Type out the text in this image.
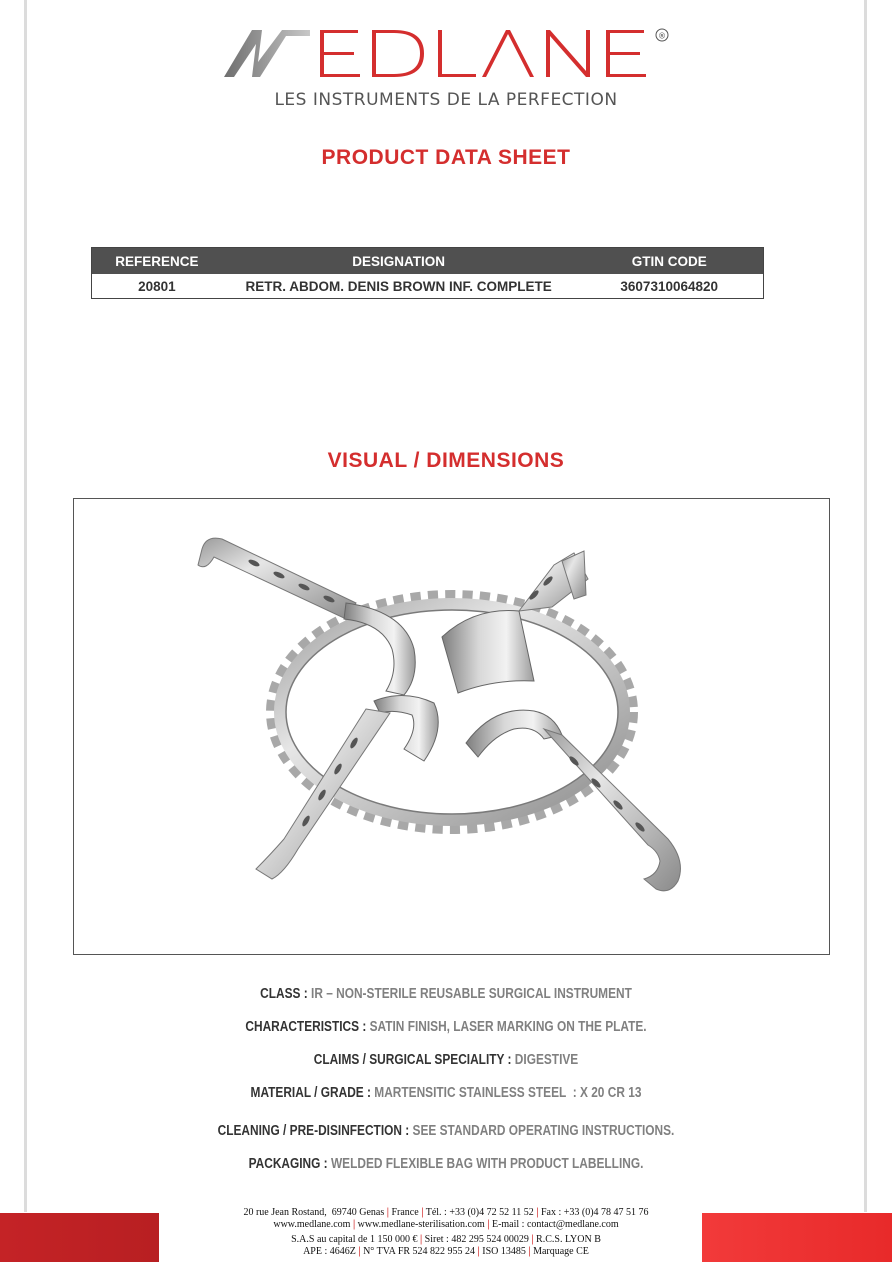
®
LES INSTRUMENTS DE LA PERFECTION
PRODUCT DATA SHEET
REFERENCE	DESIGNATION	GTIN CODE
20801	RETR. ABDOM. DENIS BROWN INF. COMPLETE	3607310064820
VISUAL / DIMENSIONS
CLASS : IR – NON-STERILE REUSABLE SURGICAL INSTRUMENT
CHARACTERISTICS : SATIN FINISH, LASER MARKING ON THE PLATE.
CLAIMS / SURGICAL SPECIALITY : DIGESTIVE
MATERIAL / GRADE : MARTENSITIC STAINLESS STEEL  : X 20 CR 13
CLEANING / PRE-DISINFECTION : SEE STANDARD OPERATING INSTRUCTIONS.
PACKAGING : WELDED FLEXIBLE BAG WITH PRODUCT LABELLING.
20 rue Jean Rostand,  69740 Genas | France | Tél. : +33 (0)4 72 52 11 52 | Fax : +33 (0)4 78 47 51 76
www.medlane.com | www.medlane-sterilisation.com | E-mail : contact@medlane.com
S.A.S au capital de 1 150 000 € | Siret : 482 295 524 00029 | R.C.S. LYON B
APE : 4646Z | N° TVA FR 524 822 955 24 | ISO 13485 | Marquage CE
